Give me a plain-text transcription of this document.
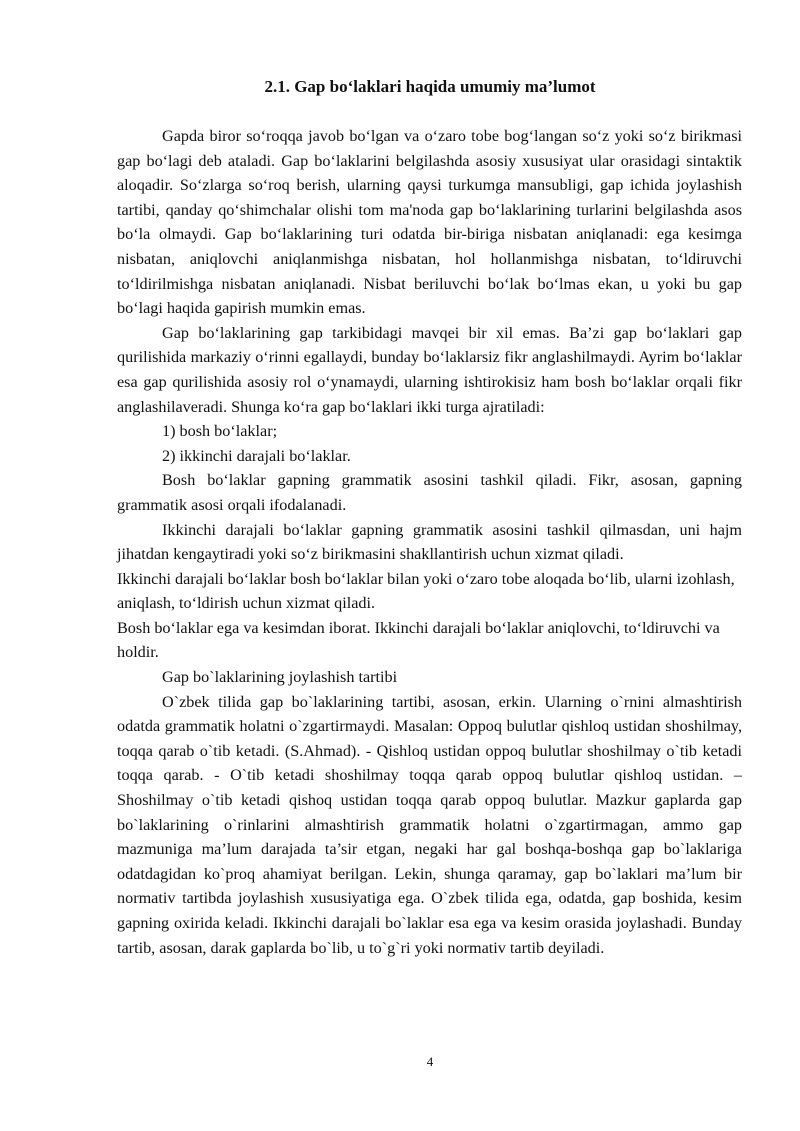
2.1. Gap bo‘laklari haqida umumiy ma’lumot

Gapda biror so‘roqqa javob bo‘lgan va o‘zaro tobe bog‘langan so‘z yoki so‘z birikmasi gap bo‘lagi deb ataladi. Gap bo‘laklarini belgilashda asosiy xususiyat ular orasidagi sintaktik aloqadir. So‘zlarga so‘roq berish, ularning qaysi turkumga mansubligi, gap ichida joylashish tartibi, qanday qo‘shimchalar olishi tom ma'noda gap bo‘laklarining turlarini belgilashda asos bo‘la olmaydi. Gap bo‘laklarining turi odatda bir-biriga nisbatan aniqlanadi: ega kesimga nisbatan, aniqlovchi aniqlanmishga nisbatan, hol hollanmishga nisbatan, to‘ldiruvchi to‘ldirilmishga nisbatan aniqlanadi. Nisbat beriluvchi bo‘lak bo‘lmas ekan, u yoki bu gap bo‘lagi haqida gapirish mumkin emas.

Gap bo‘laklarining gap tarkibidagi mavqei bir xil emas. Ba’zi gap bo‘laklari gap qurilishida markaziy o‘rinni egallaydi, bunday bo‘laklarsiz fikr anglashilmaydi. Ayrim bo‘laklar esa gap qurilishida asosiy rol o‘ynamaydi, ularning ishtirokisiz ham bosh bo‘laklar orqali fikr anglashilaveradi. Shunga ko‘ra gap bo‘laklari ikki turga ajratiladi:

1) bosh bo‘laklar;

2) ikkinchi darajali bo‘laklar.

Bosh bo‘laklar gapning grammatik asosini tashkil qiladi. Fikr, asosan, gapning grammatik asosi orqali ifodalanadi.

Ikkinchi darajali bo‘laklar gapning grammatik asosini tashkil qilmasdan, uni hajm jihatdan kengaytiradi yoki so‘z birikmasini shakllantirish uchun xizmat qiladi.

Ikkinchi darajali bo‘laklar bosh bo‘laklar bilan yoki o‘zaro tobe aloqada bo‘lib, ularni izohlash, aniqlash, to‘ldirish uchun xizmat qiladi.

Bosh bo‘laklar ega va kesimdan iborat. Ikkinchi darajali bo‘laklar aniqlovchi, to‘ldiruvchi va holdir.

Gap bo`laklarining joylashish tartibi

O`zbek tilida gap bo`laklarining tartibi, asosan, erkin. Ularning o`rnini almashtirish odatda grammatik holatni o`zgartirmaydi. Masalan: Oppoq bulutlar qishloq ustidan shoshilmay, toqqa qarab o`tib ketadi. (S.Ahmad). - Qishloq ustidan oppoq bulutlar shoshilmay o`tib ketadi toqqa qarab. - O`tib ketadi shoshilmay toqqa qarab oppoq bulutlar qishloq ustidan. – Shoshilmay o`tib ketadi qishoq ustidan toqqa qarab oppoq bulutlar. Mazkur gaplarda gap bo`laklarining o`rinlarini almashtirish grammatik holatni o`zgartirmagan, ammo gap mazmuniga ma’lum darajada ta’sir etgan, negaki har gal boshqa-boshqa gap bo`laklariga odatdagidan ko`proq ahamiyat berilgan. Lekin, shunga qaramay, gap bo`laklari ma’lum bir normativ tartibda joylashish xususiyatiga ega. O`zbek tilida ega, odatda, gap boshida, kesim gapning oxirida keladi. Ikkinchi darajali bo`laklar esa ega va kesim orasida joylashadi. Bunday tartib, asosan, darak gaplarda bo`lib, u to`g`ri yoki normativ tartib deyiladi.

4
